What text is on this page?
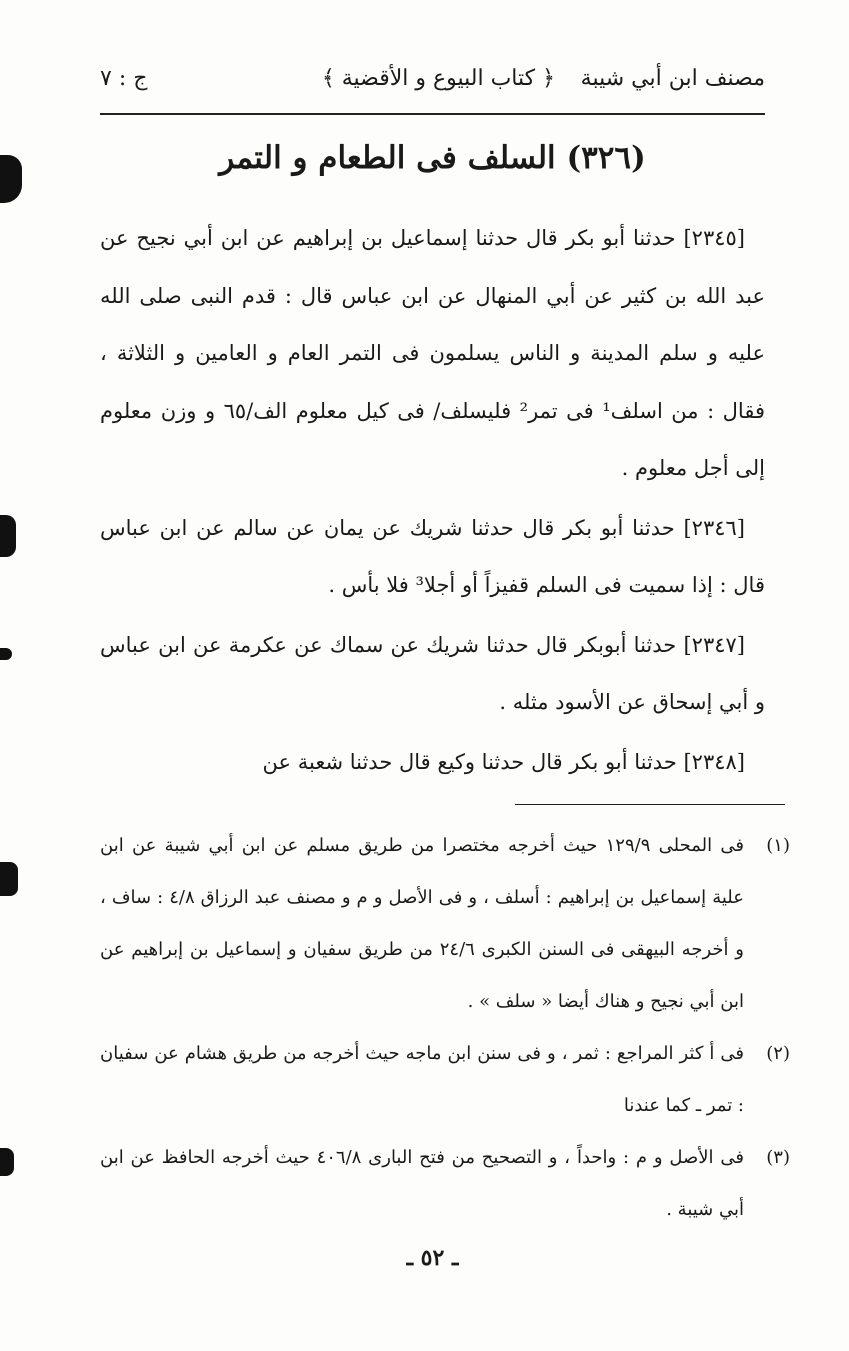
مصنف ابن أبي شيبة
﴿ كتاب البيوع و الأقضية ﴾
ج : ٧
(٣٢٦) السلف فى الطعام و التمر

[٢٣٤٥] حدثنا أبو بكر قال حدثنا إسماعيل بن إبراهيم عن ابن أبي نجيح عن عبد الله بن كثير عن أبي المنهال عن ابن عباس قال : قدم النبى صلى الله عليه و سلم المدينة و الناس يسلمون فى التمر العام و العامين و الثلاثة ، فقال : من اسلف¹ فى تمر² فليسلف/ فى كيل معلوم الف/٦٥ و وزن معلوم إلى أجل معلوم .

[٢٣٤٦] حدثنا أبو بكر قال حدثنا شريك عن يمان عن سالم عن ابن عباس قال : إذا سميت فى السلم قفيزاً أو أجلا³ فلا بأس .

[٢٣٤٧] حدثنا أبوبكر قال حدثنا شريك عن سماك عن عكرمة عن ابن عباس و أبي إسحاق عن الأسود مثله .

[٢٣٤٨] حدثنا أبو بكر قال حدثنا وكيع قال حدثنا شعبة عن

(١)
فى المحلى ١٢٩/٩ حيث أخرجه مختصرا من طريق مسلم عن ابن أبي شيبة عن ابن علية إسماعيل بن إبراهيم : أسلف ، و فى الأصل و م و مصنف عبد الرزاق ٤/٨ : ساف ، و أخرجه البيهقى فى السنن الكبرى ٢٤/٦ من طريق سفيان و إسماعيل بن إبراهيم عن ابن أبي نجيح و هناك أيضا « سلف » .
(٢)
فى أ كثر المراجع : ثمر ، و فى سنن ابن ماجه حيث أخرجه من طريق هشام عن سفيان : تمر ـ كما عندنا
(٣)
فى الأصل و م : واحداً ، و التصحيح من فتح البارى ٤٠٦/٨ حيث أخرجه الحافظ عن ابن أبي شيبة .
ـ ٥٢ ـ
